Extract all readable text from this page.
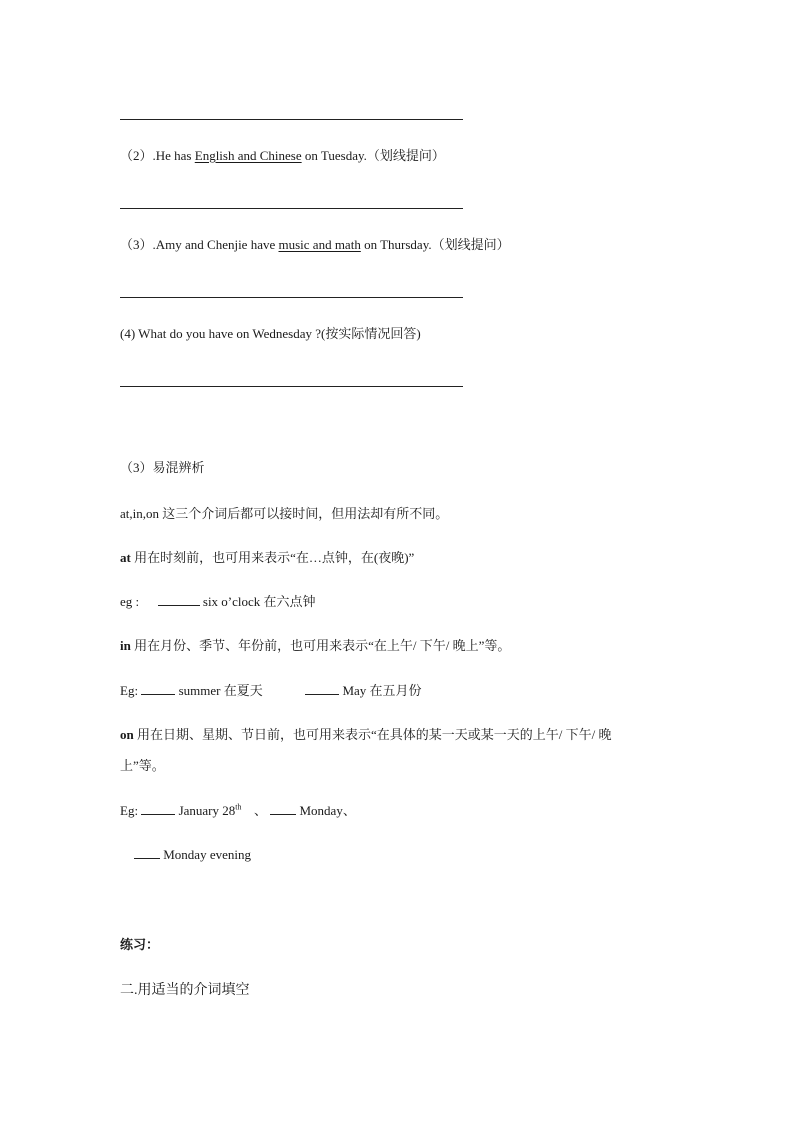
（2）.He has English and Chinese on Tuesday.（划线提问）
（3）.Amy and Chenjie have music and math on Thursday.（划线提问）
(4) What do you have on Wednesday ?(按实际情况回答)
（3）易混辨析
at,in,on 这三个介词后都可以接时间，但用法却有所不同。
at 用在时刻前，也可用来表示“在…点钟，在(夜晚)”
eg :	six o’clock 在六点钟
in 用在月份、季节、年份前，也可用来表示“在上午/ 下午/ 晚上”等。
Eg:	summer 在夏天	May 在五月份
on 用在日期、星期、节日前，也可用来表示“在具体的某一天或某一天的上午/ 下午/ 晚
上”等。
Eg:	January 28th 、	Monday、
Monday evening
练习：
二.用适当的介词填空
